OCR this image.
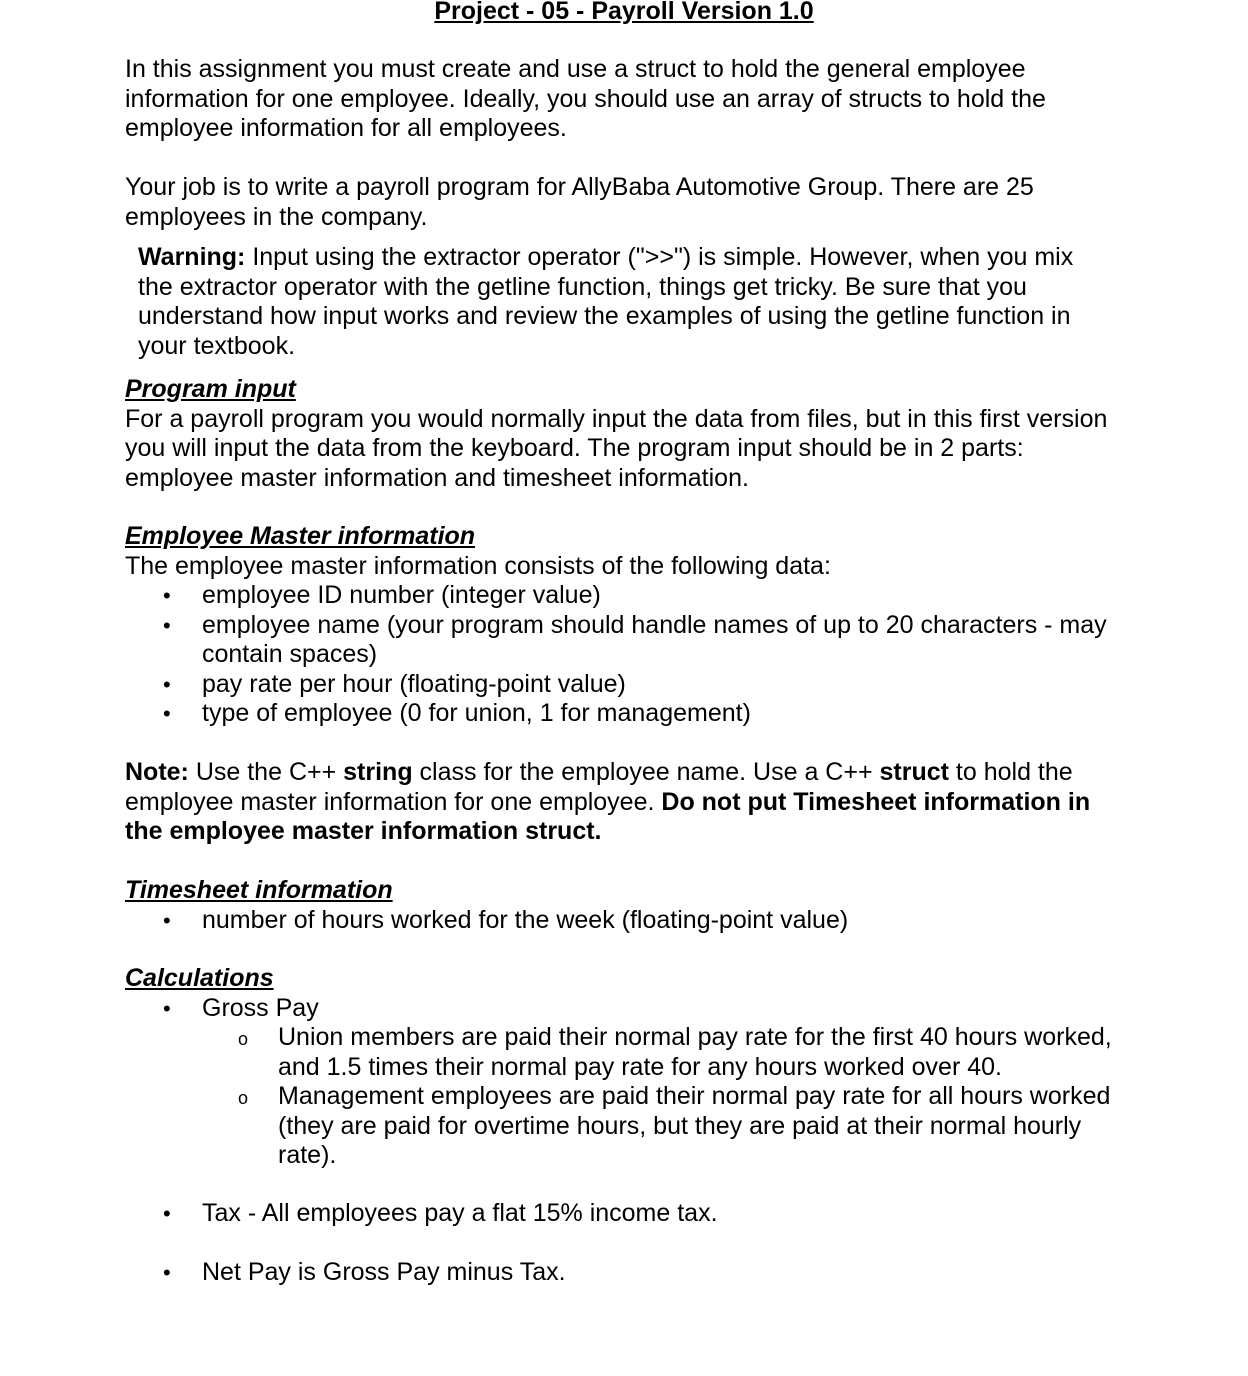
Project - 05 - Payroll Version 1.0

In this assignment you must create and use a struct to hold the general employee information for one employee. Ideally, you should use an array of structs to hold the employee information for all employees.

Your job is to write a payroll program for AllyBaba Automotive Group. There are 25 employees in the company.

Warning: Input using the extractor operator (">>") is simple. However, when you mix the extractor operator with the getline function, things get tricky. Be sure that you understand how input works and review the examples of using the getline function in your textbook.

Program input

For a payroll program you would normally input the data from files, but in this first version you will input the data from the keyboard. The program input should be in 2 parts: employee master information and timesheet information.

Employee Master information

The employee master information consists of the following data:

• employee ID number (integer value)
• employee name (your program should handle names of up to 20 characters - may contain spaces)
• pay rate per hour (floating-point value)
• type of employee (0 for union, 1 for management)

Note: Use the C++ string class for the employee name. Use a C++ struct to hold the employee master information for one employee. Do not put Timesheet information in the employee master information struct.

Timesheet information
• number of hours worked for the week (floating-point value)
Calculations
• Gross Pay
o Union members are paid their normal pay rate for the first 40 hours worked, and 1.5 times their normal pay rate for any hours worked over 40.
o Management employees are paid their normal pay rate for all hours worked (they are paid for overtime hours, but they are paid at their normal hourly rate).
• Tax - All employees pay a flat 15% income tax.
• Net Pay is Gross Pay minus Tax.
